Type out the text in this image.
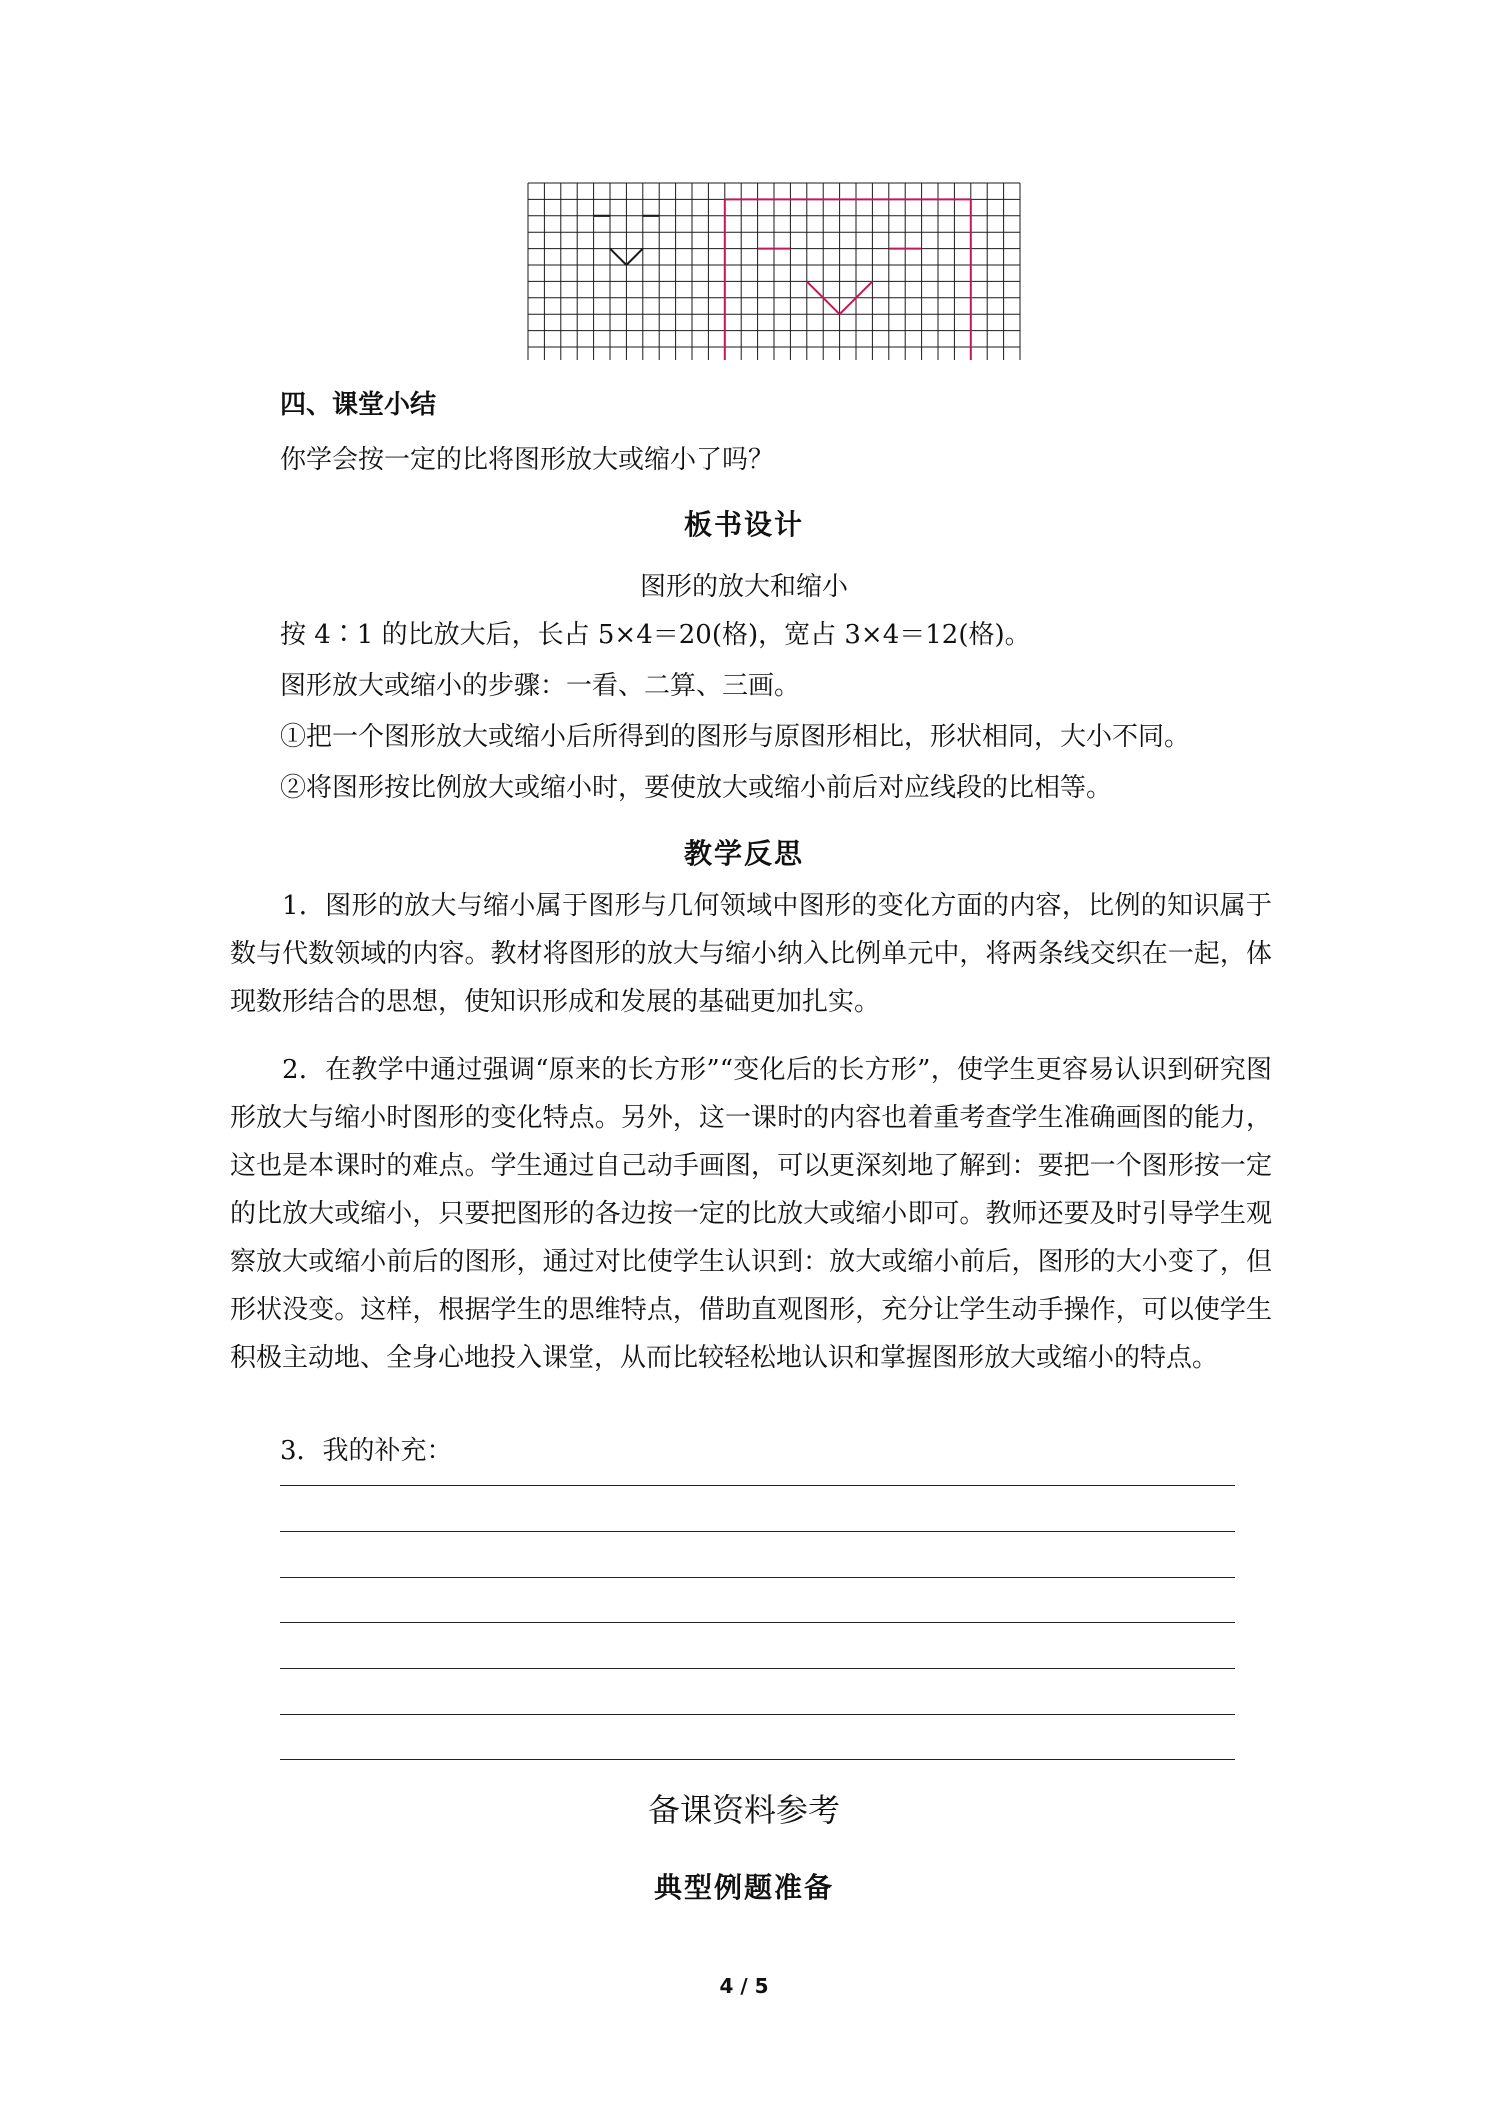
四、课堂小结
你学会按一定的比将图形放大或缩小了吗？
板书设计
图形的放大和缩小
按 4∶1 的比放大后，长占 5×4＝20(格)，宽占 3×4＝12(格)。
图形放大或缩小的步骤：一看、二算、三画。
①把一个图形放大或缩小后所得到的图形与原图形相比，形状相同，大小不同。
②将图形按比例放大或缩小时，要使放大或缩小前后对应线段的比相等。
教学反思
1．图形的放大与缩小属于图形与几何领域中图形的变化方面的内容，比例的知识属于数与代数领域的内容。教材将图形的放大与缩小纳入比例单元中，将两条线交织在一起，体现数形结合的思想，使知识形成和发展的基础更加扎实。
2．在教学中通过强调“原来的长方形”“变化后的长方形”，使学生更容易认识到研究图形放大与缩小时图形的变化特点。另外，这一课时的内容也着重考查学生准确画图的能力，这也是本课时的难点。学生通过自己动手画图，可以更深刻地了解到：要把一个图形按一定的比放大或缩小，只要把图形的各边按一定的比放大或缩小即可。教师还要及时引导学生观察放大或缩小前后的图形，通过对比使学生认识到：放大或缩小前后，图形的大小变了，但形状没变。这样，根据学生的思维特点，借助直观图形，充分让学生动手操作，可以使学生积极主动地、全身心地投入课堂，从而比较轻松地认识和掌握图形放大或缩小的特点。
3．我的补充：
备课资料参考
典型例题准备
4 / 5
